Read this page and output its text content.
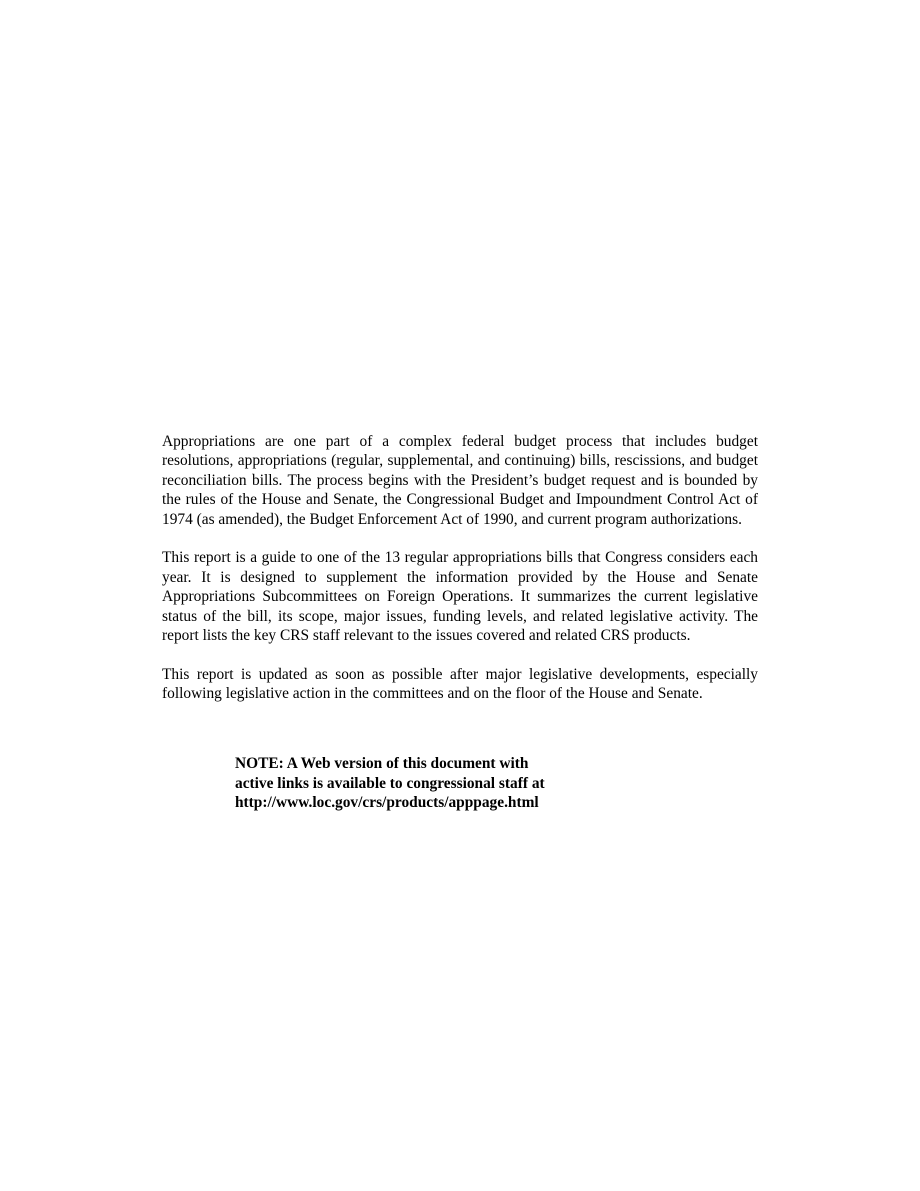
Appropriations are one part of a complex federal budget process that includes budget resolutions, appropriations (regular, supplemental, and continuing) bills, rescissions, and budget reconciliation bills. The process begins with the President’s budget request and is bounded by the rules of the House and Senate, the Congressional Budget and Impoundment Control Act of 1974 (as amended), the Budget Enforcement Act of 1990, and current program authorizations.

This report is a guide to one of the 13 regular appropriations bills that Congress considers each year. It is designed to supplement the information provided by the House and Senate Appropriations Subcommittees on Foreign Operations. It summarizes the current legislative status of the bill, its scope, major issues, funding levels, and related legislative activity. The report lists the key CRS staff relevant to the issues covered and related CRS products.

This report is updated as soon as possible after major legislative developments, especially following legislative action in the committees and on the floor of the House and Senate.

NOTE: A Web version of this document with
active links is available to congressional staff at
http://www.loc.gov/crs/products/apppage.html
